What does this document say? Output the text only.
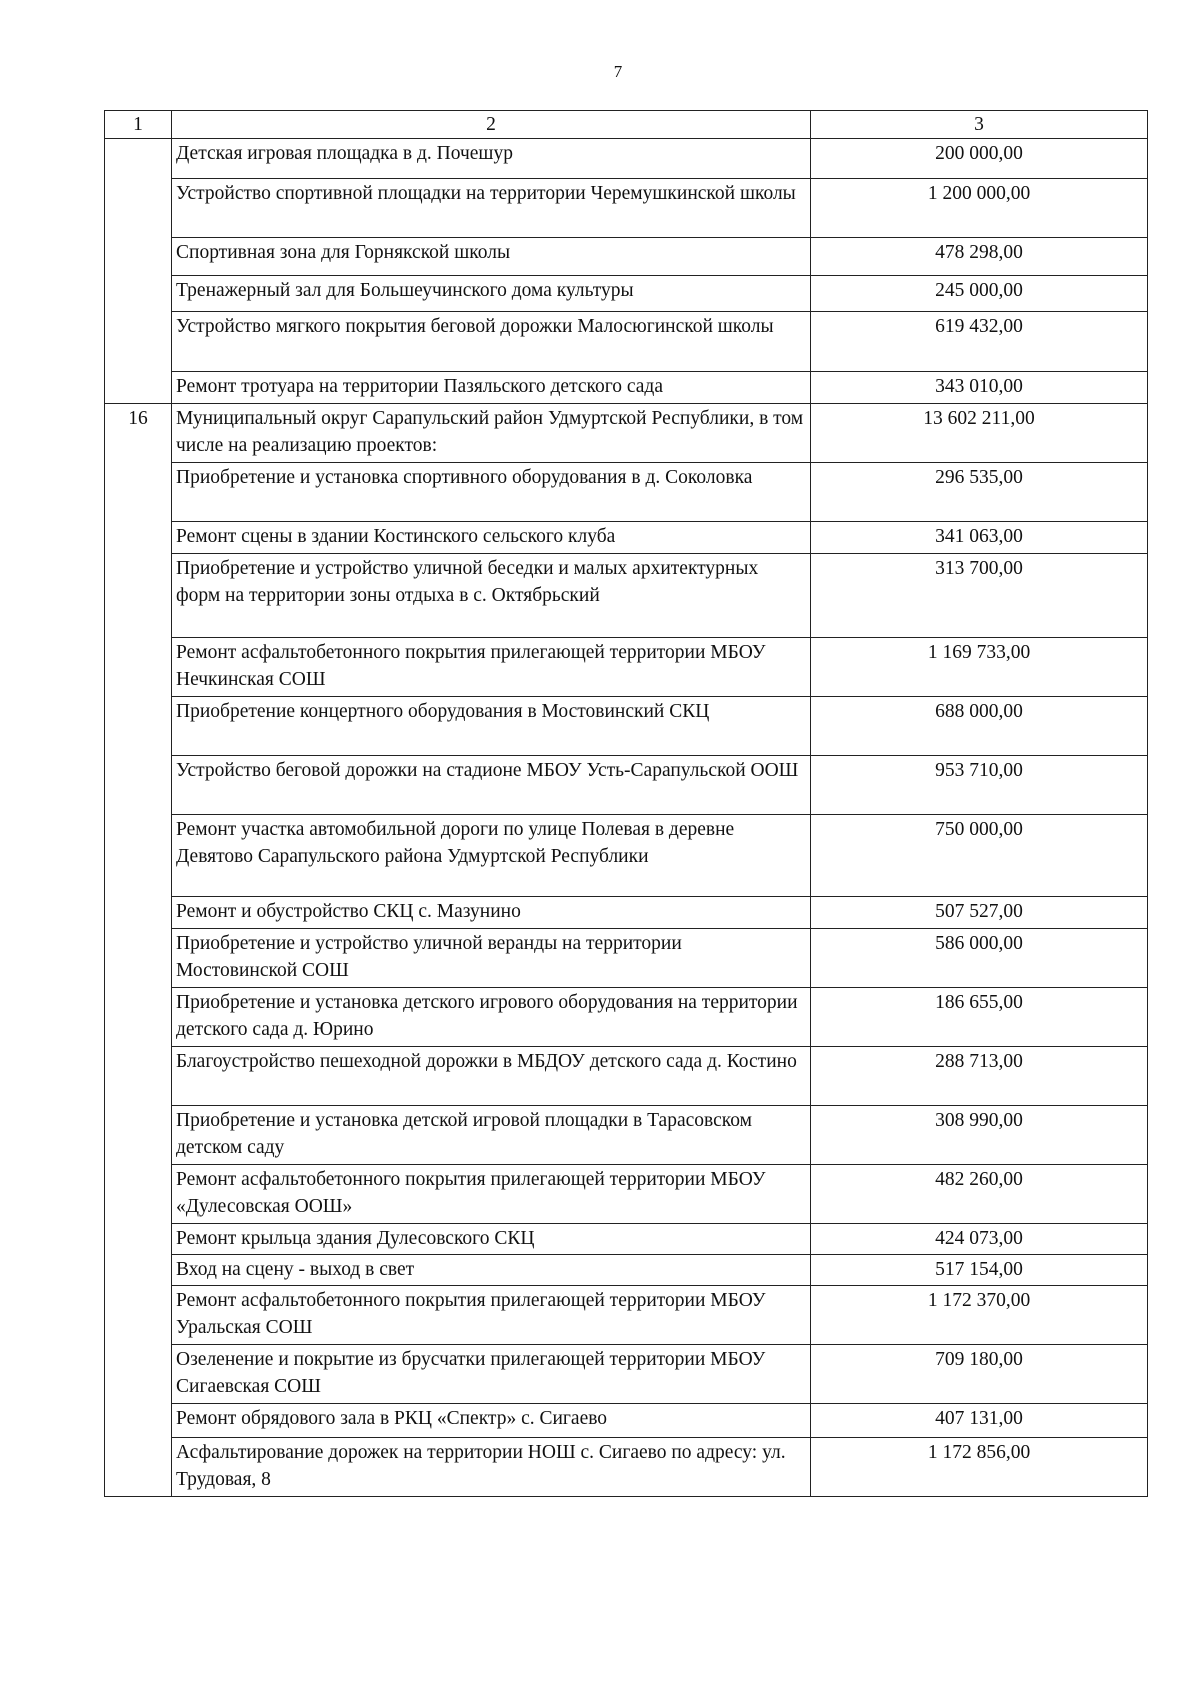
7
1	2	3
	Детская игровая площадка в д. Почешур	200 000,00
	Устройство спортивной площадки на территории Черемушкинской школы	1 200 000,00
	Спортивная зона для Горнякской школы	478 298,00
	Тренажерный зал для Большеучинского дома культуры	245 000,00
	Устройство мягкого покрытия беговой дорожки Малосюгинской школы	619 432,00
	Ремонт тротуара на территории Пазяльского детского сада	343 010,00
16	Муниципальный округ Сарапульский район Удмуртской Республики, в том числе на реализацию проектов:	13 602 211,00
	Приобретение и установка спортивного оборудования в д. Соколовка	296 535,00
	Ремонт сцены в здании Костинского сельского клуба	341 063,00
	Приобретение и устройство уличной беседки и малых архитектурных форм на территории зоны отдыха в с. Октябрьский	313 700,00
	Ремонт асфальтобетонного покрытия прилегающей территории МБОУ Нечкинская СОШ	1 169 733,00
	Приобретение концертного оборудования в Мостовинский СКЦ	688 000,00
	Устройство беговой дорожки на стадионе МБОУ Усть-Сарапульской ООШ	953 710,00
	Ремонт участка автомобильной дороги по улице Полевая в деревне Девятово Сарапульского района Удмуртской Республики	750 000,00
	Ремонт и обустройство СКЦ с. Мазунино	507 527,00
	Приобретение и устройство уличной веранды на территории Мостовинской СОШ	586 000,00
	Приобретение и установка детского игрового оборудования на территории детского сада д. Юрино	186 655,00
	Благоустройство пешеходной дорожки в МБДОУ детского сада д. Костино	288 713,00
	Приобретение и установка детской игровой площадки в Тарасовском детском саду	308 990,00
	Ремонт асфальтобетонного покрытия прилегающей территории МБОУ «Дулесовская ООШ»	482 260,00
	Ремонт крыльца здания Дулесовского СКЦ	424 073,00
	Вход на сцену - выход в свет	517 154,00
	Ремонт асфальтобетонного покрытия прилегающей территории МБОУ Уральская СОШ	1 172 370,00
	Озеленение и покрытие из брусчатки прилегающей территории МБОУ Сигаевская СОШ	709 180,00
	Ремонт обрядового зала в РКЦ «Спектр» с. Сигаево	407 131,00
	Асфальтирование дорожек на территории НОШ с. Сигаево по адресу: ул. Трудовая, 8	1 172 856,00
